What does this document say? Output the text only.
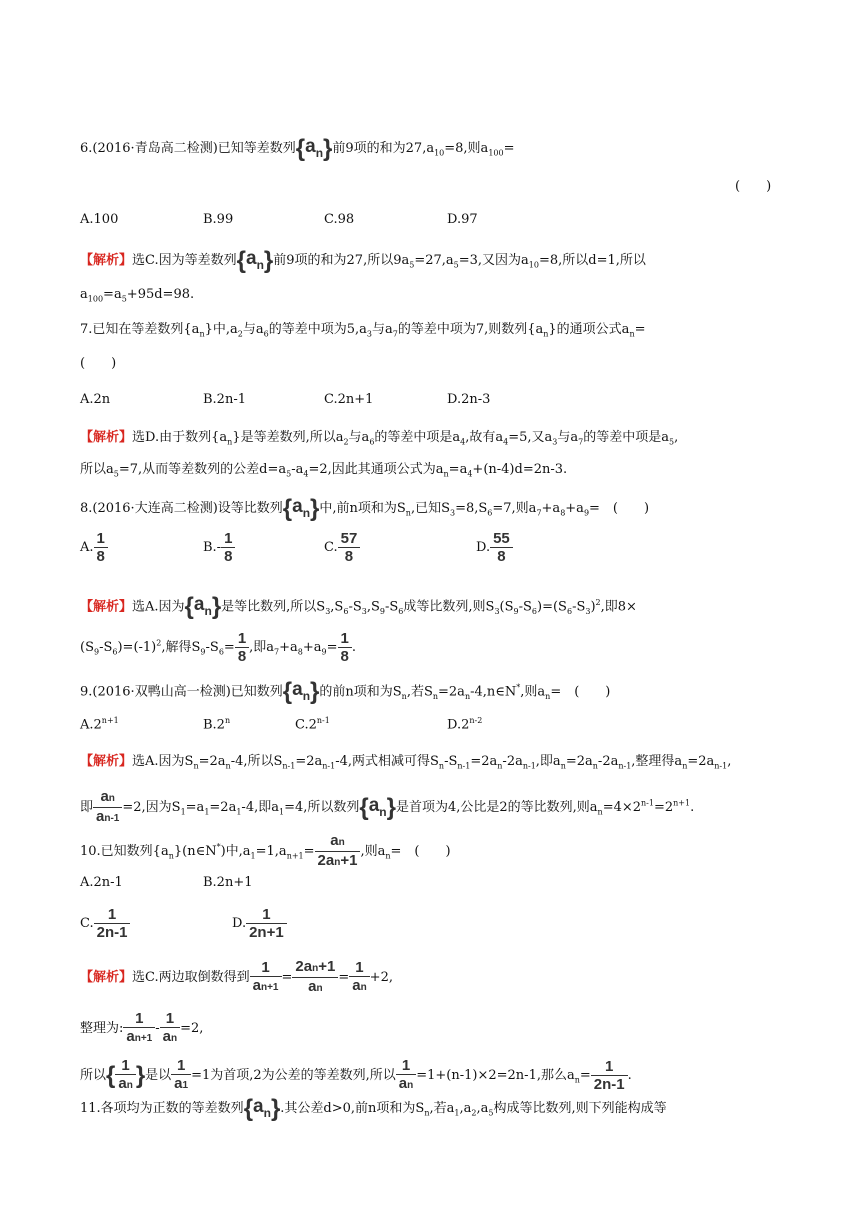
6.(2016·青岛高二检测)已知等差数列{an}前9项的和为$27,a_{10}=8$,则$a_{100}=$
(　　)
A.100	B.99	C.98	D.97
【解析】选C.因为等差数列{an}前9项的和为27,所以$9a_5=27,a_5=3$,又因为$a_{10}=8$,所以d=1,所以
$a_{100}=a_5+95d=98$.
7.已知在等差数列$\{a_n\}$中$,a_2$与$a_6$的等差中项为$5,a_3$与$a_7$的等差中项为7,则数列$\{a_n\}$的通项公式$a_n=$
(　　)
A.2n	B.2n-1	C.2n+1	D.2n-3
【解析】选D.由于数列$\{a_n\}$是等差数列,所以$a_2$与$a_6$的等差中项是$a_4$,故有$a_4=5$,又$a_3$与$a_7$的等差中项是$a_5$,
所以$a_5=7$,从而等差数列的公差$d=a_5-a_4=2$,因此其通项公式为$a_n=a_4+(n-4)d=2n-3$.
8.(2016·大连高二检测)设等比数列{an}中,前n项和为$S_n$,已知$S_3=8,S_6=7$,则$a_7+a_8+a_9=$　(　　)
A. $\frac{1}{8}$	$B.- \frac{1}{8}$	C. $\frac{57}{8}$	D. $\frac{55}{8}$
【解析】选A.因为{an}是等比数列,所以$S_3,S_6-S_3,S_9-S_6$成等比数列,则$S_3(S_9-S_6)=(S_6-S_3)^2$,即8×
$(S_9-S_6)=(-1)^2$,解得$S_9-S_6= \frac{1}{8}$ ,即$a_7+a_8+a_9= \frac{1}{8}$ .
9.(2016·双鸭山高一检测)已知数列{an}的前n项和为$S_n$,若$S_n=2a_n-4,n\in N^*$,则$a_n=$　(　　)
$A.2^{n+1}$	B.2$^n$	C.2$^{n-1}$	D.2$^{n-2}$
【解析】选A.因为$S_n=2a_n-4$,所以$S_{n-1}=2a_{n-1}-4$,两式相减可得$S_n-S_{n-1}=2a_n-2a_{n-1}$,即$a_n=2a_n-2a_{n-1}$,整理得$a_n=2a_{n-1}$,
即 $\frac{an}{an-1} =2$,因为$S_1=a_1=2a_1-4$,即$a_1=4$,所以数列{an}是首项为4,公比是2的等比数列,则$a_n=4\times 2^{n-1}=2^{n+1}$.
10.已知数列$\{a_n\}(n\in N^*)$中$,a_1=1,a_{n+1}= \frac{an}{2an+1}$ ,则$a_n=$　(　　)
A.2n-1	B.2n+1
C. $\frac{1}{2n-1}$	D. $\frac{1}{2n+1}$
【解析】选C.两边取倒数得到 $\frac{1}{an+1} = \frac{2an+1}{an} = \frac{1}{an} +2$,
整理为: $\frac{1}{an+1} - \frac{1}{an} =2$,
所以{ $\frac{1}{an}$ }是以 $\frac{1}{a1} =1$为首项,2为公差的等差数列,所以 $\frac{1}{an} =1+(n-1)\times 2=2n-1$,那么$a_n= \frac{1}{2n-1}$ .
11.各项均为正数的等差数列{an}.其公差d>0,前n项和为$S_n$,若$a_1,a_2,a_5$构成等比数列,则下列能构成等
